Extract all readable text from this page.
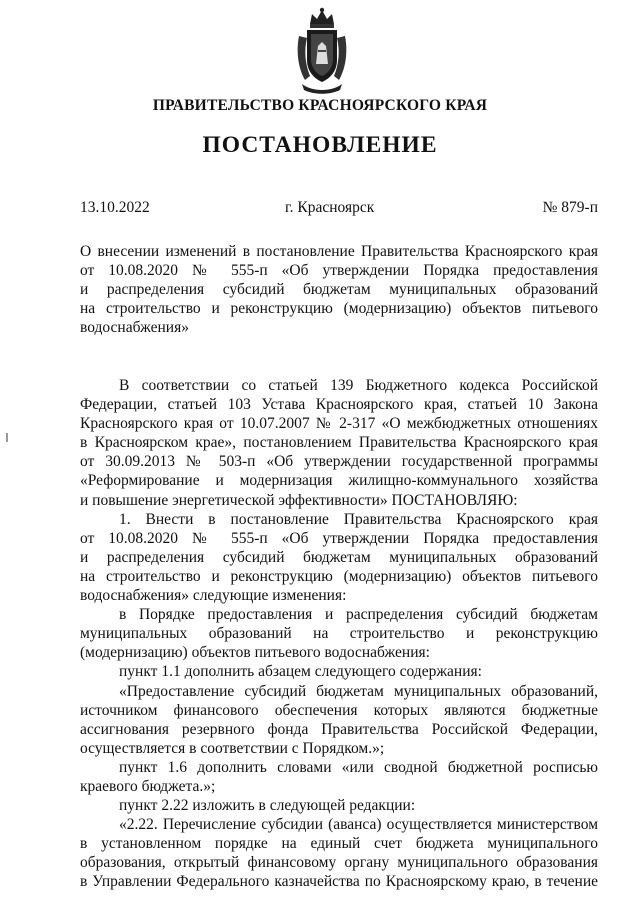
ПРАВИТЕЛЬСТВО КРАСНОЯРСКОГО КРАЯ
ПОСТАНОВЛЕНИЕ
13.10.2022	г. Красноярск	№ 879-п
О внесении изменений в постановление Правительства Красноярского края
от 10.08.2020 № 555-п «Об утверждении Порядка предоставления
и распределения субсидий бюджетам муниципальных образований
на строительство и реконструкцию (модернизацию) объектов питьевого
водоснабжения»
В соответствии со статьей 139 Бюджетного кодекса Российской
Федерации, статьей 103 Устава Красноярского края, статьей 10 Закона
Красноярского края от 10.07.2007 № 2-317 «О межбюджетных отношениях
в Красноярском крае», постановлением Правительства Красноярского края
от 30.09.2013 № 503-п «Об утверждении государственной программы
«Реформирование и модернизация жилищно-коммунального хозяйства
и повышение энергетической эффективности» ПОСТАНОВЛЯЮ:
1. Внести в постановление Правительства Красноярского края
от 10.08.2020 № 555-п «Об утверждении Порядка предоставления
и распределения субсидий бюджетам муниципальных образований
на строительство и реконструкцию (модернизацию) объектов питьевого
водоснабжения» следующие изменения:
в Порядке предоставления и распределения субсидий бюджетам
муниципальных образований на строительство и реконструкцию
(модернизацию) объектов питьевого водоснабжения:
пункт 1.1 дополнить абзацем следующего содержания:
«Предоставление субсидий бюджетам муниципальных образований,
источником финансового обеспечения которых являются бюджетные
ассигнования резервного фонда Правительства Российской Федерации,
осуществляется в соответствии с Порядком.»;
пункт 1.6 дополнить словами «или сводной бюджетной росписью
краевого бюджета.»;
пункт 2.22 изложить в следующей редакции:
«2.22. Перечисление субсидии (аванса) осуществляется министерством
в установленном порядке на единый счет бюджета муниципального
образования, открытый финансовому органу муниципального образования
в Управлении Федерального казначейства по Красноярскому краю, в течение
